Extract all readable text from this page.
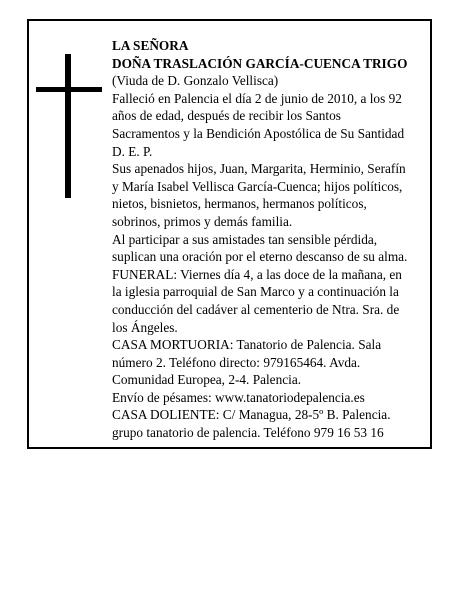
LA SEÑORA
DOÑA TRASLACIÓN GARCÍA-CUENCA TRIGO
(Viuda de D. Gonzalo Vellisca)
Falleció en Palencia el día 2 de junio de 2010, a los 92
años de edad, después de recibir los Santos
Sacramentos y la Bendición Apostólica de Su Santidad
D. E. P.
Sus apenados hijos, Juan, Margarita, Herminio, Serafín
y María Isabel Vellisca García-Cuenca; hijos políticos,
nietos, bisnietos, hermanos, hermanos políticos,
sobrinos, primos y demás familia.
Al participar a sus amistades tan sensible pérdida,
suplican una oración por el eterno descanso de su alma.
FUNERAL: Viernes día 4, a las doce de la mañana, en
la iglesia parroquial de San Marco y a continuación la
conducción del cadáver al cementerio de Ntra. Sra. de
los Ángeles.
CASA MORTUORIA: Tanatorio de Palencia. Sala
número 2. Teléfono directo: 979165464. Avda.
Comunidad Europea, 2-4. Palencia.
Envío de pésames: www.tanatoriodepalencia.es
CASA DOLIENTE: C/ Managua, 28-5º B. Palencia.
grupo tanatorio de palencia. Teléfono 979 16 53 16
